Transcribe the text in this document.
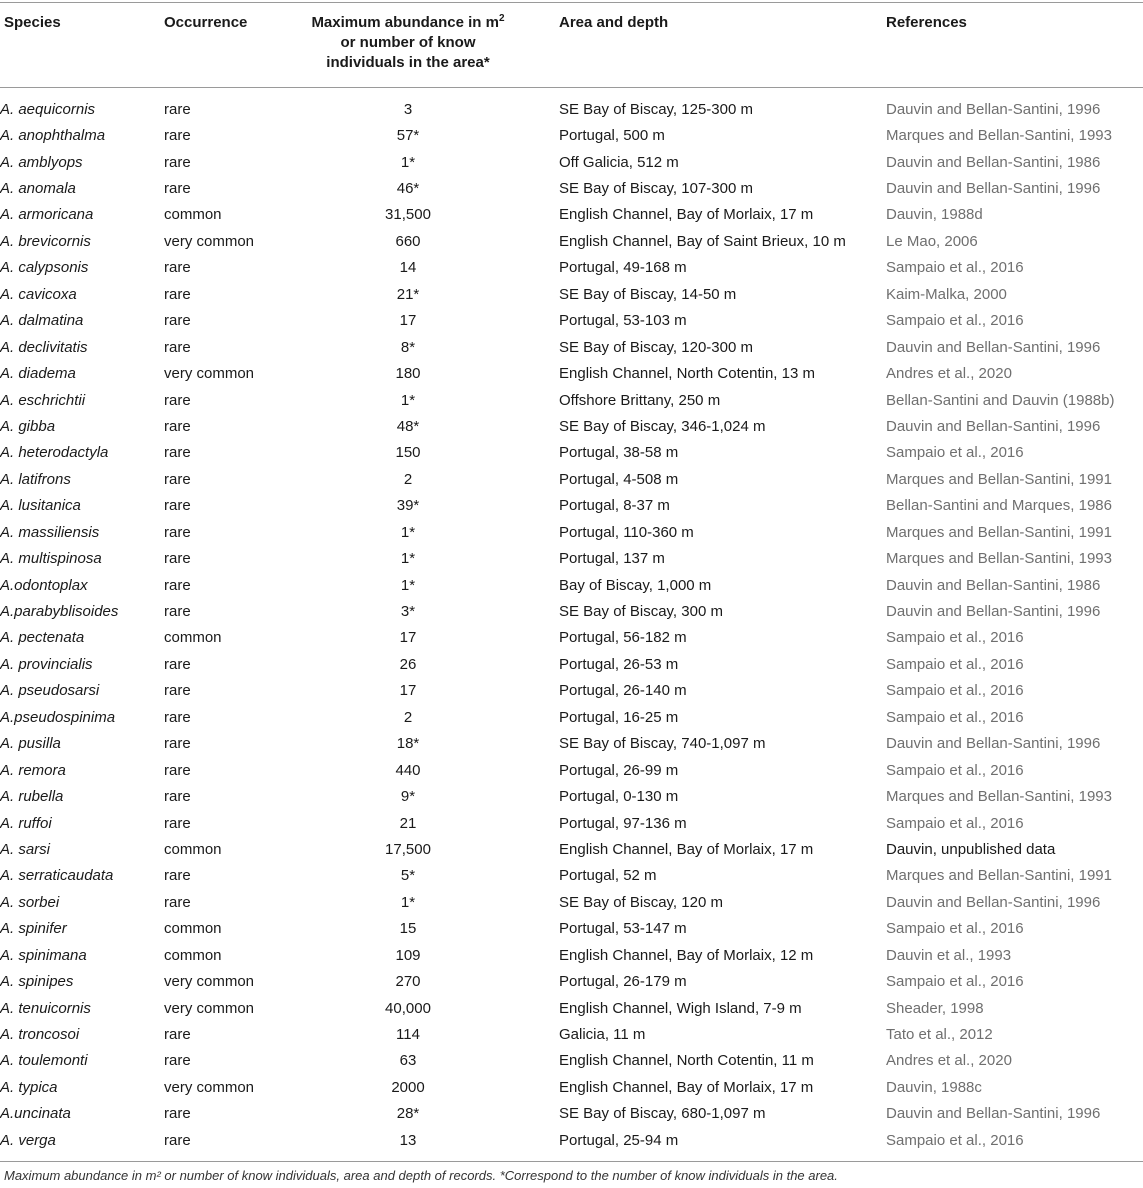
Species	Occurrence	Maximum abundance in $m^2$
or number of know
individuals in the area*
Area and depth	References
A. aequicornis	rare	3		SE Bay of Biscay, 125-300 m	Dauvin and Bellan-Santini, 1996
A. anophthalma	rare	57*		Portugal, 500 m	Marques and Bellan-Santini, 1993
A. amblyops	rare	1*		Off Galicia, 512 m	Dauvin and Bellan-Santini, 1986
A. anomala	rare	46*		SE Bay of Biscay, 107-300 m	Dauvin and Bellan-Santini, 1996
A. armoricana	common	31,500		English Channel, Bay of Morlaix, 17 m	Dauvin, 1988d
A. brevicornis	very common	660		English Channel, Bay of Saint Brieux, 10 m	Le Mao, 2006
A. calypsonis	rare	14		Portugal, 49-168 m	Sampaio et al., 2016
A. cavicoxa	rare	21*		SE Bay of Biscay, 14-50 m	Kaim-Malka, 2000
A. dalmatina	rare	17		Portugal, 53-103 m	Sampaio et al., 2016
A. declivitatis	rare	8*		SE Bay of Biscay, 120-300 m	Dauvin and Bellan-Santini, 1996
A. diadema	very common	180		English Channel, North Cotentin, 13 m	Andres et al., 2020
A. eschrichtii	rare	1*		Offshore Brittany, 250 m	Bellan-Santini and Dauvin (1988b)
A. gibba	rare	48*		SE Bay of Biscay, 346-1,024 m	Dauvin and Bellan-Santini, 1996
A. heterodactyla	rare	150		Portugal, 38-58 m	Sampaio et al., 2016
A. latifrons	rare	2		Portugal, 4-508 m	Marques and Bellan-Santini, 1991
A. lusitanica	rare	39*		Portugal, 8-37 m	Bellan-Santini and Marques, 1986
A. massiliensis	rare	1*		Portugal, 110-360 m	Marques and Bellan-Santini, 1991
A. multispinosa	rare	1*		Portugal, 137 m	Marques and Bellan-Santini, 1993
A.odontoplax	rare	1*		Bay of Biscay, 1,000 m	Dauvin and Bellan-Santini, 1986
A.parabyblisoides	rare	3*		SE Bay of Biscay, 300 m	Dauvin and Bellan-Santini, 1996
A. pectenata	common	17		Portugal, 56-182 m	Sampaio et al., 2016
A. provincialis	rare	26		Portugal, 26-53 m	Sampaio et al., 2016
A. pseudosarsi	rare	17		Portugal, 26-140 m	Sampaio et al., 2016
A.pseudospinima	rare	2		Portugal, 16-25 m	Sampaio et al., 2016
A. pusilla	rare	18*		SE Bay of Biscay, 740-1,097 m	Dauvin and Bellan-Santini, 1996
A. remora	rare	440		Portugal, 26-99 m	Sampaio et al., 2016
A. rubella	rare	9*		Portugal, 0-130 m	Marques and Bellan-Santini, 1993
A. ruffoi	rare	21		Portugal, 97-136 m	Sampaio et al., 2016
A. sarsi	common	17,500		English Channel, Bay of Morlaix, 17 m	Dauvin, unpublished data
A. serraticaudata	rare	5*		Portugal, 52 m	Marques and Bellan-Santini, 1991
A. sorbei	rare	1*		SE Bay of Biscay, 120 m	Dauvin and Bellan-Santini, 1996
A. spinifer	common	15		Portugal, 53-147 m	Sampaio et al., 2016
A. spinimana	common	109		English Channel, Bay of Morlaix, 12 m	Dauvin et al., 1993
A. spinipes	very common	270		Portugal, 26-179 m	Sampaio et al., 2016
A. tenuicornis	very common	40,000		English Channel, Wigh Island, 7-9 m	Sheader, 1998
A. troncosoi	rare	114		Galicia, 11 m	Tato et al., 2012
A. toulemonti	rare	63		English Channel, North Cotentin, 11 m	Andres et al., 2020
A. typica	very common	2000		English Channel, Bay of Morlaix, 17 m	Dauvin, 1988c
A.uncinata	rare	28*		SE Bay of Biscay, 680-1,097 m	Dauvin and Bellan-Santini, 1996
A. verga	rare	13		Portugal, 25-94 m	Sampaio et al., 2016
Maximum abundance in m² or number of know individuals, area and depth of records. *Correspond to the number of know individuals in the area.
